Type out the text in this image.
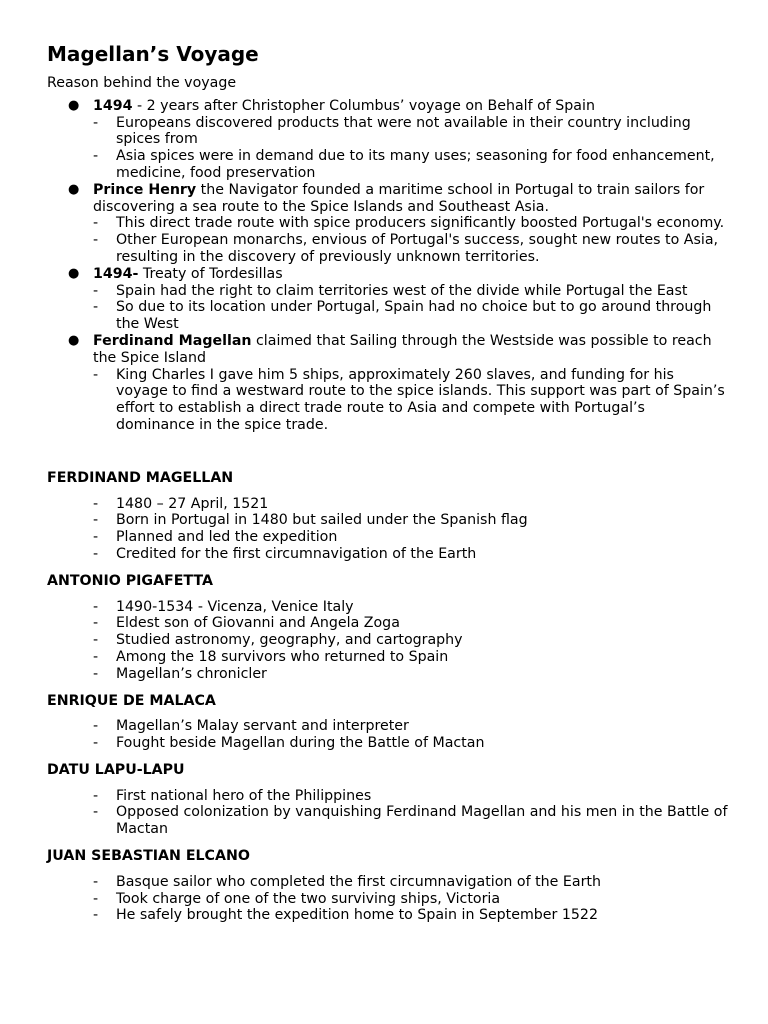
Magellan’s Voyage
Reason behind the voyage
● 1494 - 2 years after Christopher Columbus’ voyage on Behalf of Spain
- Europeans discovered products that were not available in their country including spices from
- Asia spices were in demand due to its many uses; seasoning for food enhancement, medicine, food preservation
● Prince Henry the Navigator founded a maritime school in Portugal to train sailors for discovering a sea route to the Spice Islands and Southeast Asia.
- This direct trade route with spice producers significantly boosted Portugal's economy.
- Other European monarchs, envious of Portugal's success, sought new routes to Asia, resulting in the discovery of previously unknown territories.
● 1494- Treaty of Tordesillas
- Spain had the right to claim territories west of the divide while Portugal the East
- So due to its location under Portugal, Spain had no choice but to go around through the West
● Ferdinand Magellan claimed that Sailing through the Westside was possible to reach the Spice Island
- King Charles I gave him 5 ships, approximately 260 slaves, and funding for his voyage to find a westward route to the spice islands. This support was part of Spain’s effort to establish a direct trade route to Asia and compete with Portugal’s dominance in the spice trade.
FERDINAND MAGELLAN
- 1480 – 27 April, 1521
- Born in Portugal in 1480 but sailed under the Spanish flag
- Planned and led the expedition
- Credited for the first circumnavigation of the Earth
ANTONIO PIGAFETTA
- 1490-1534 - Vicenza, Venice Italy
- Eldest son of Giovanni and Angela Zoga
- Studied astronomy, geography, and cartography
- Among the 18 survivors who returned to Spain
- Magellan’s chronicler
ENRIQUE DE MALACA
- Magellan’s Malay servant and interpreter
- Fought beside Magellan during the Battle of Mactan
DATU LAPU-LAPU
- First national hero of the Philippines
- Opposed colonization by vanquishing Ferdinand Magellan and his men in the Battle of Mactan
JUAN SEBASTIAN ELCANO
- Basque sailor who completed the first circumnavigation of the Earth
- Took charge of one of the two surviving ships, Victoria
- He safely brought the expedition home to Spain in September 1522
